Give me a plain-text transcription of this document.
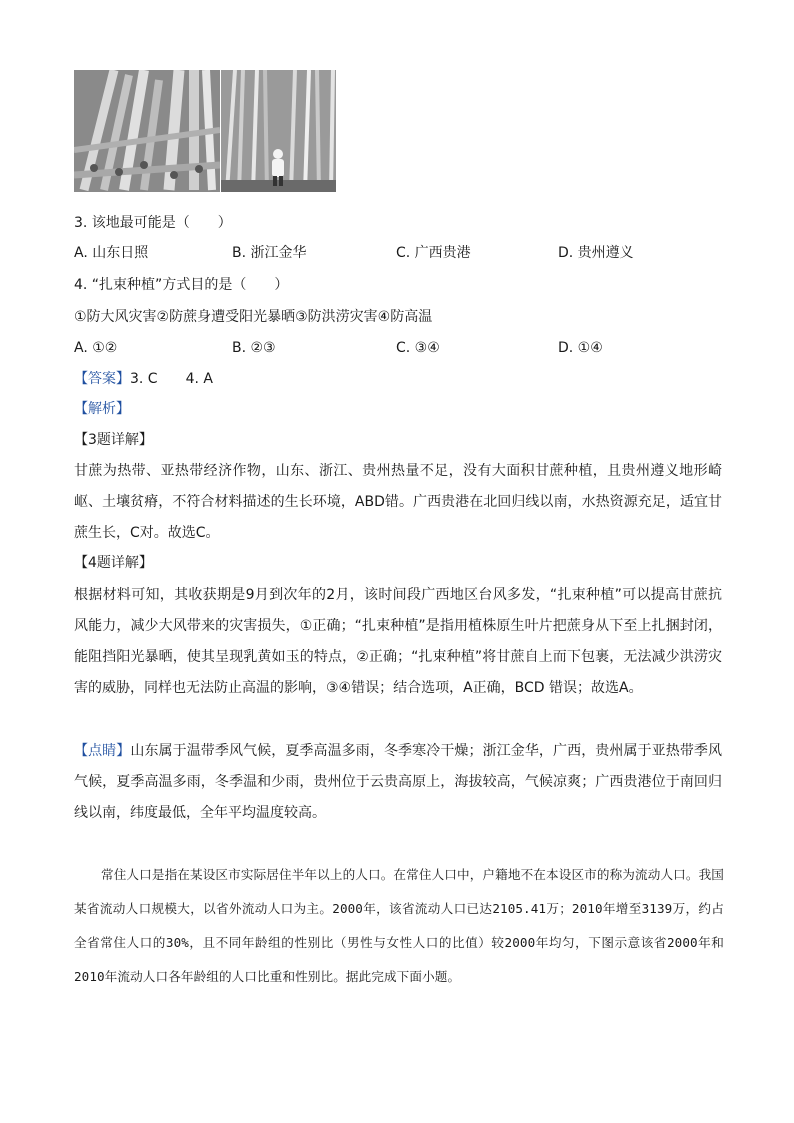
3. 该地最可能是（　　）
A. 山东日照	B. 浙江金华	C. 广西贵港	D. 贵州遵义
4. “扎束种植”方式目的是（　　）
①防大风灾害②防蔗身遭受阳光暴晒③防洪涝灾害④防高温
A. ①②	B. ②③	C. ③④	D. ①④
【答案】3. C　　4. A
【解析】
【3题详解】
甘蔗为热带、亚热带经济作物，山东、浙江、贵州热量不足，没有大面积甘蔗种植，且贵州遵义地形崎岖、土壤贫瘠，不符合材料描述的生长环境，ABD错。广西贵港在北回归线以南，水热资源充足，适宜甘蔗生长，C对。故选C。
【4题详解】
根据材料可知，其收获期是9月到次年的2月，该时间段广西地区台风多发，“扎束种植”可以提高甘蔗抗风能力，减少大风带来的灾害损失，①正确；“扎束种植”是指用植株原生叶片把蔗身从下至上扎捆封闭，能阻挡阳光暴晒，使其呈现乳黄如玉的特点，②正确；“扎束种植”将甘蔗自上而下包裹，无法减少洪涝灾害的威胁，同样也无法防止高温的影响，③④错误；结合选项，A正确，BCD 错误；故选A。
【点睛】山东属于温带季风气候，夏季高温多雨，冬季寒冷干燥；浙江金华，广西，贵州属于亚热带季风气候，夏季高温多雨，冬季温和少雨，贵州位于云贵高原上，海拔较高，气候凉爽；广西贵港位于南回归线以南，纬度最低，全年平均温度较高。
常住人口是指在某设区市实际居住半年以上的人口。在常住人口中，户籍地不在本设区市的称为流动人口。我国某省流动人口规模大，以省外流动人口为主。2000年，该省流动人口已达2105.41万；2010年增至3139万，约占全省常住人口的30%，且不同年龄组的性别比（男性与女性人口的比值）较2000年均匀，下图示意该省2000年和2010年流动人口各年龄组的人口比重和性别比。据此完成下面小题。
